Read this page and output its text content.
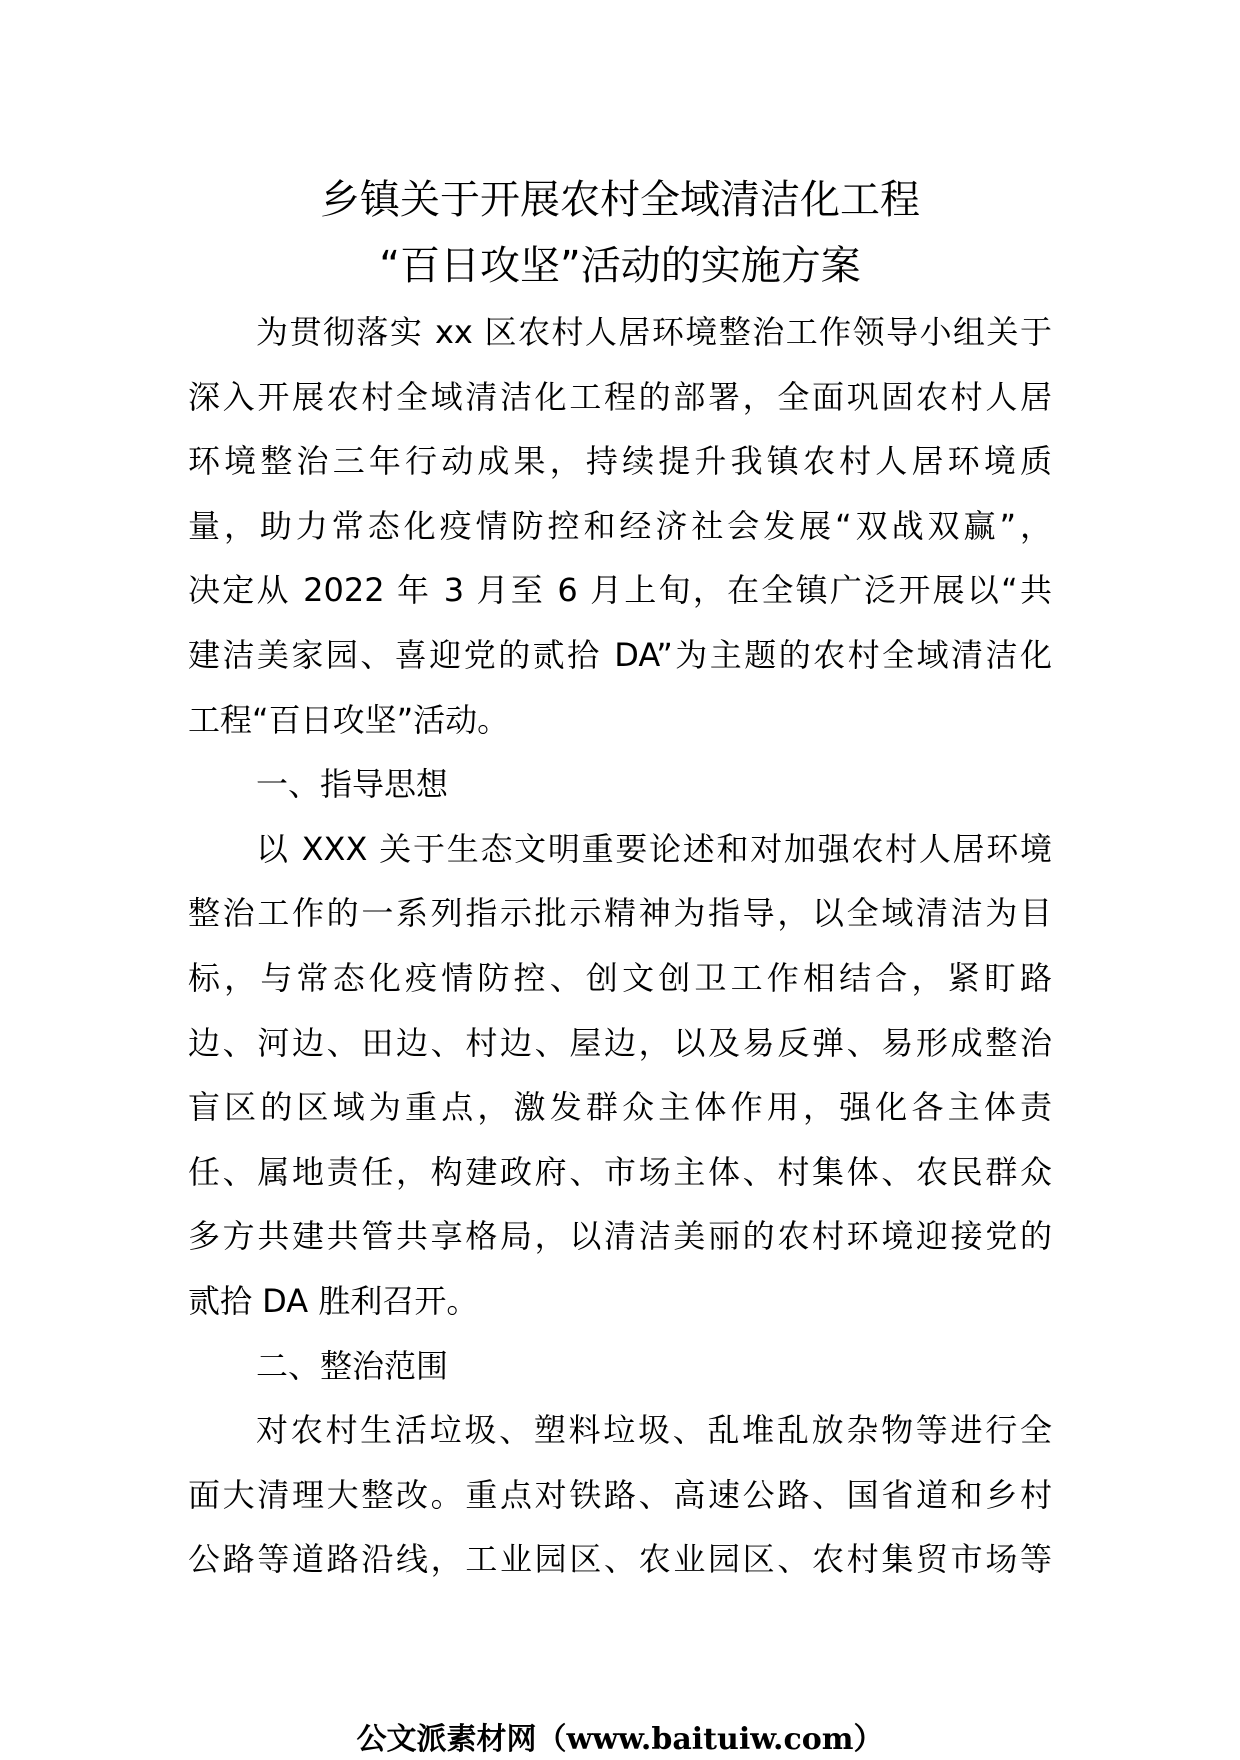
乡镇关于开展农村全域清洁化工程
“百日攻坚”活动的实施方案
为贯彻落实 xx 区农村人居环境整治工作领导小组关于
深入开展农村全域清洁化工程的部署，全面巩固农村人居
环境整治三年行动成果，持续提升我镇农村人居环境质
量，助力常态化疫情防控和经济社会发展“双战双赢”，
决定从 2022 年 3 月至 6 月上旬，在全镇广泛开展以“共
建洁美家园、喜迎党的贰拾 DA”为主题的农村全域清洁化
工程“百日攻坚”活动。
一、指导思想
以 XXX 关于生态文明重要论述和对加强农村人居环境
整治工作的一系列指示批示精神为指导，以全域清洁为目
标，与常态化疫情防控、创文创卫工作相结合，紧盯路
边、河边、田边、村边、屋边，以及易反弹、易形成整治
盲区的区域为重点，激发群众主体作用，强化各主体责
任、属地责任，构建政府、市场主体、村集体、农民群众
多方共建共管共享格局，以清洁美丽的农村环境迎接党的
贰拾 DA 胜利召开。
二、整治范围
对农村生活垃圾、塑料垃圾、乱堆乱放杂物等进行全
面大清理大整改。重点对铁路、高速公路、国省道和乡村
公路等道路沿线，工业园区、农业园区、农村集贸市场等
公文派素材网（www.baituiw.com）
